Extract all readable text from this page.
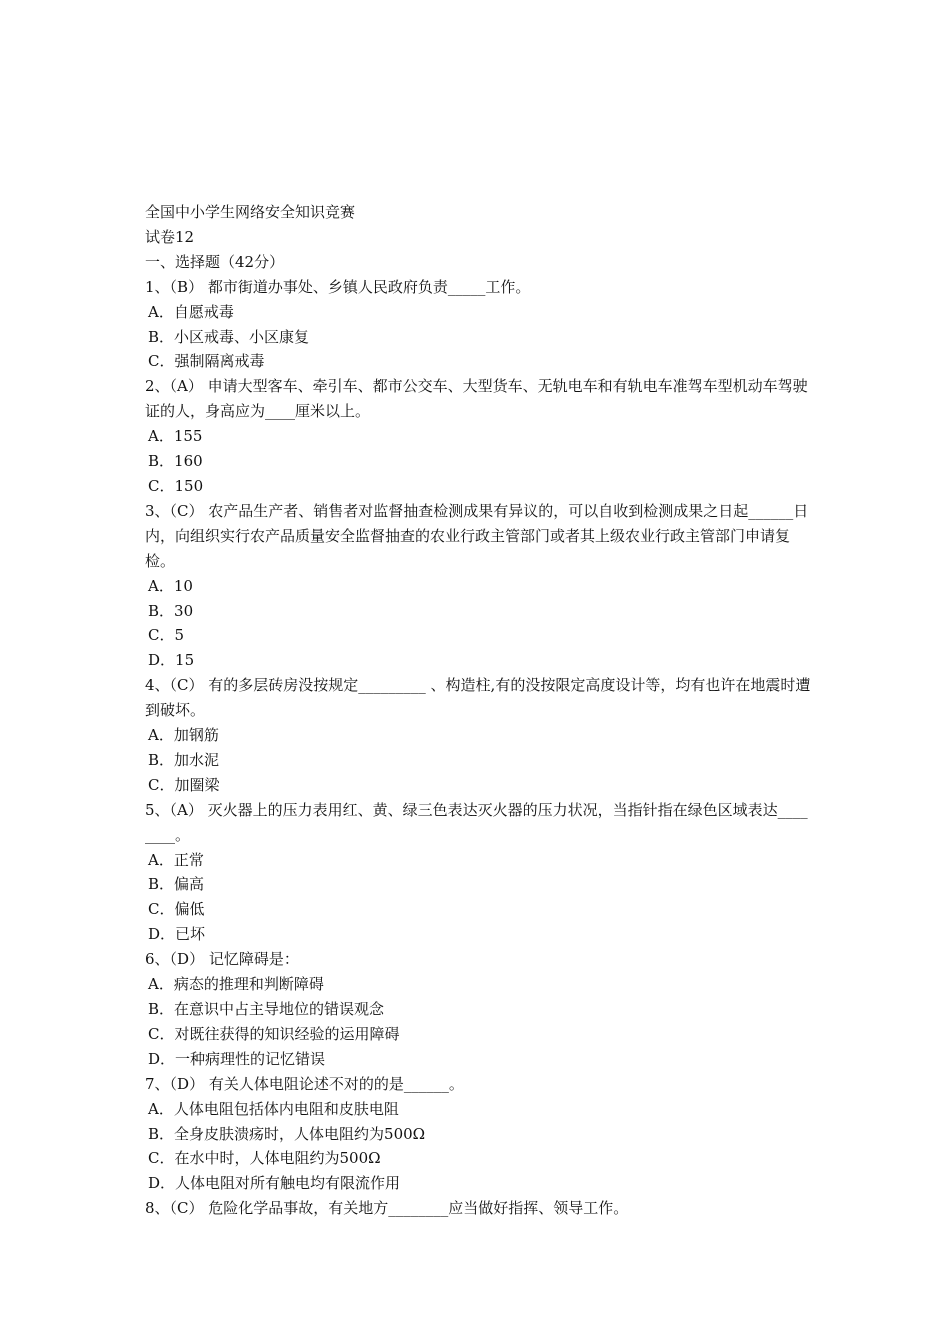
全国中小学生网络安全知识竞赛
试卷12
一、选择题（42分）
1、（B） 都市街道办事处、乡镇人民政府负责_____工作。
A．自愿戒毒
B．小区戒毒、小区康复
C．强制隔离戒毒
2、（A） 申请大型客车、牵引车、都市公交车、大型货车、无轨电车和有轨电车准驾车型机动车驾驶证的人，身高应为____厘米以上。
A．155
B．160
C．150
3、（C） 农产品生产者、销售者对监督抽查检测成果有异议的，可以自收到检测成果之日起______日内，向组织实行农产品质量安全监督抽查的农业行政主管部门或者其上级农业行政主管部门申请复检。
A．10
B．30
C．5
D．15
4、（C） 有的多层砖房没按规定_________ 、构造柱,有的没按限定高度设计等，均有也许在地震时遭到破坏。
A．加钢筋
B．加水泥
C．加圈梁
5、（A） 灭火器上的压力表用红、黄、绿三色表达灭火器的压力状况，当指针指在绿色区域表达________。
A．正常
B．偏高
C．偏低
D．已坏
6、（D） 记忆障碍是：
A．病态的推理和判断障碍
B．在意识中占主导地位的错误观念
C．对既往获得的知识经验的运用障碍
D．一种病理性的记忆错误
7、（D） 有关人体电阻论述不对的的是______。
A．人体电阻包括体内电阻和皮肤电阻
B．全身皮肤溃疡时，人体电阻约为500Ω
C．在水中时，人体电阻约为500Ω
D．人体电阻对所有触电均有限流作用
8、（C） 危险化学品事故，有关地方________应当做好指挥、领导工作。
